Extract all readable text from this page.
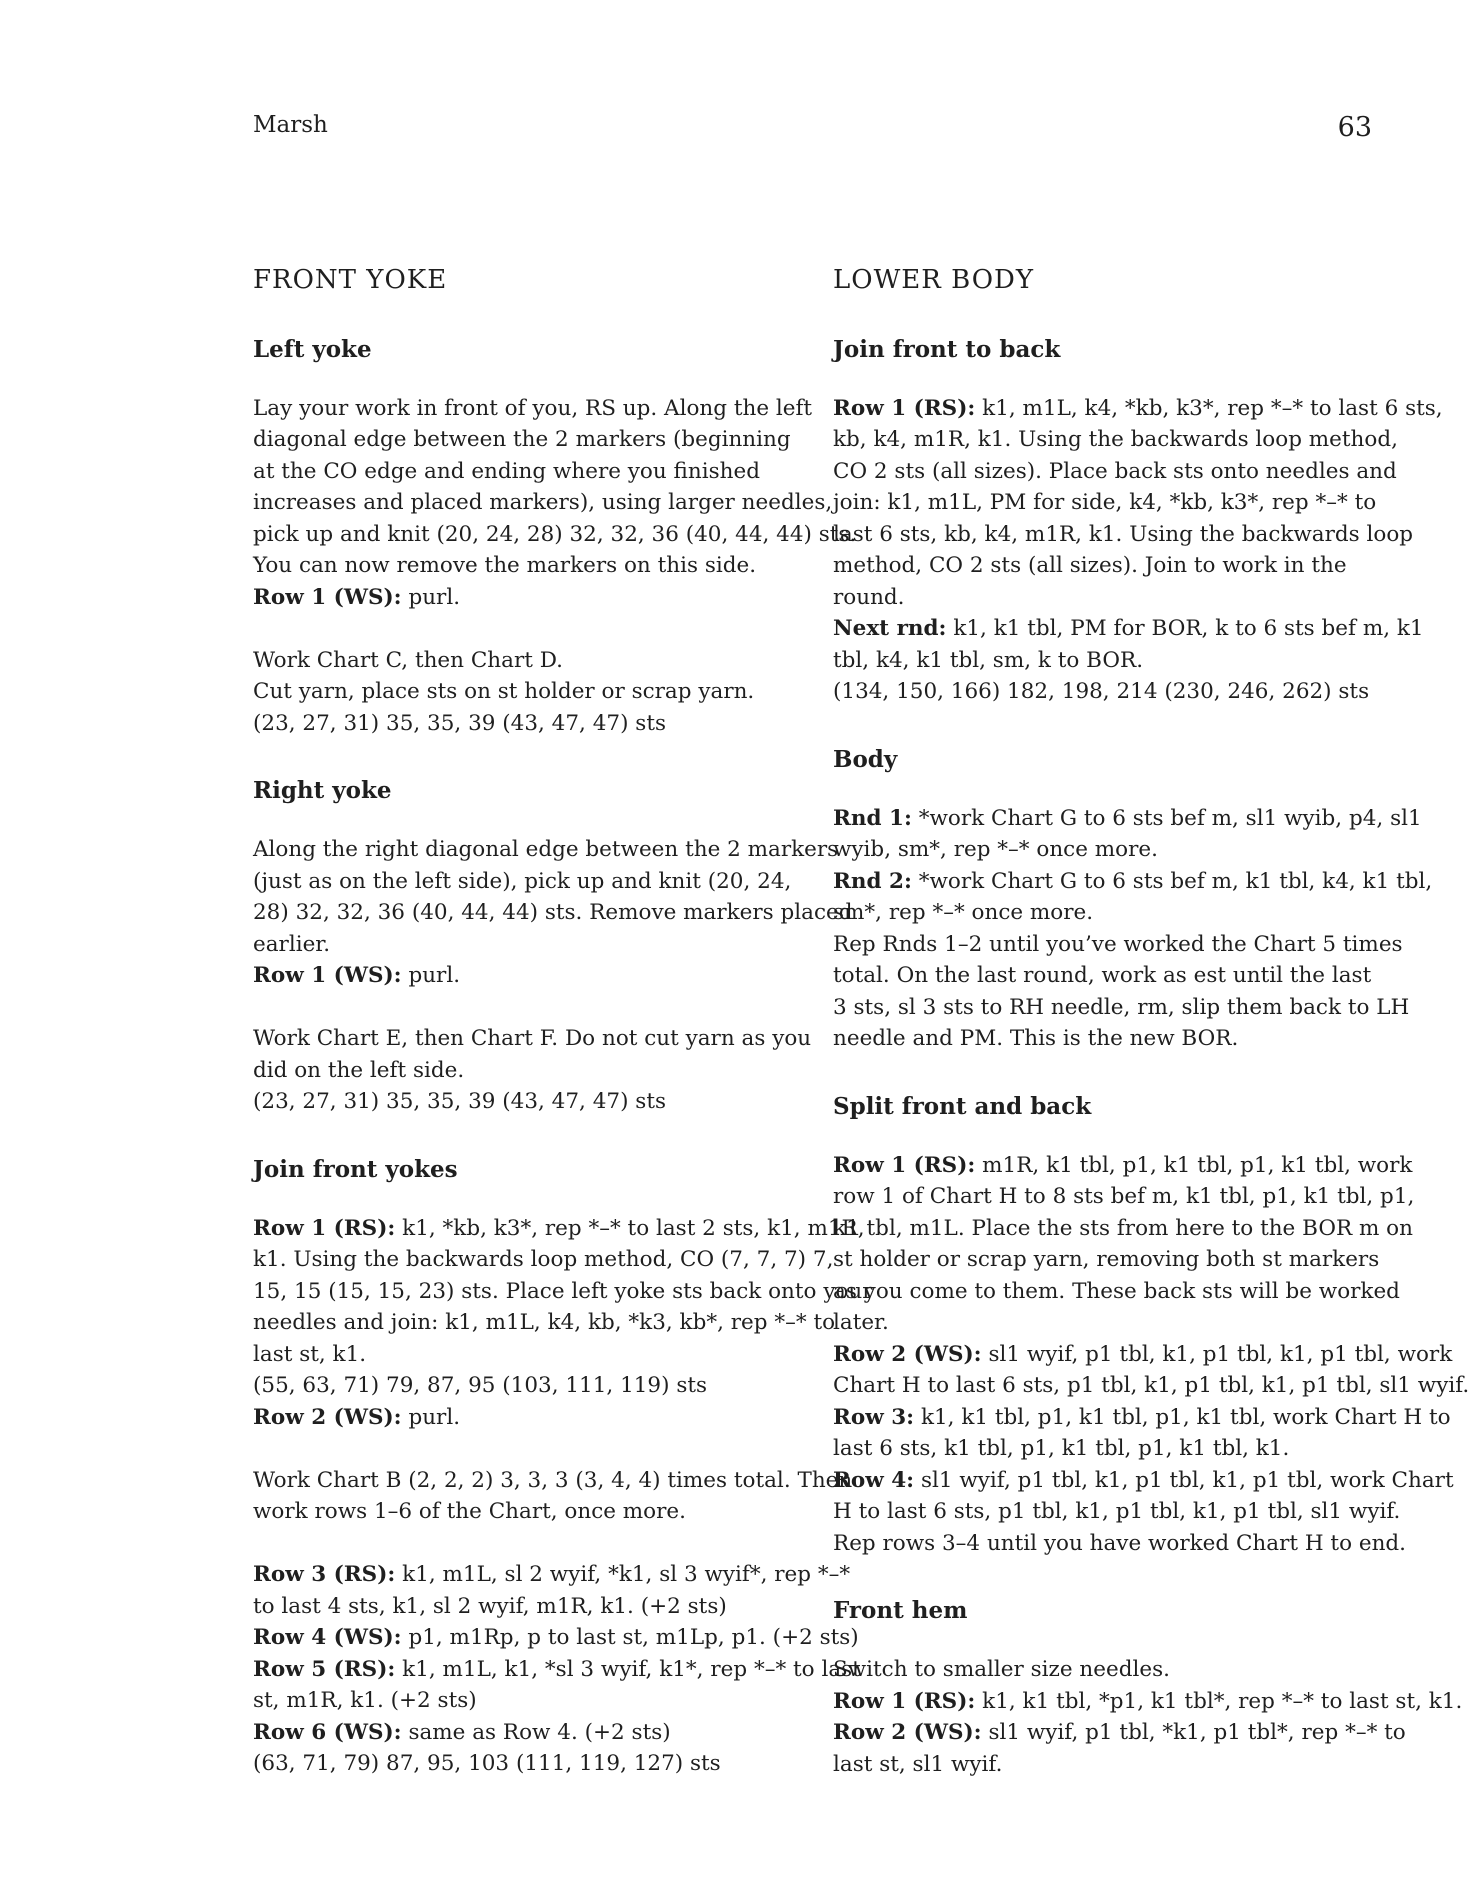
Marsh	63
FRONT YOKE
Left yoke

Lay your work in front of you, RS up. Along the left
diagonal edge between the 2 markers (beginning
at the CO edge and ending where you finished
increases and placed markers), using larger needles,
pick up and knit (20, 24, 28) 32, 32, 36 (40, 44, 44) sts.
You can now remove the markers on this side.
Row 1 (WS): purl.

Work Chart C, then Chart D.
Cut yarn, place sts on st holder or scrap yarn.
(23, 27, 31) 35, 35, 39 (43, 47, 47) sts

Right yoke

Along the right diagonal edge between the 2 markers
(just as on the left side), pick up and knit (20, 24,
28) 32, 32, 36 (40, 44, 44) sts. Remove markers placed
earlier.
Row 1 (WS): purl.

Work Chart E, then Chart F. Do not cut yarn as you
did on the left side.
(23, 27, 31) 35, 35, 39 (43, 47, 47) sts

Join front yokes

Row 1 (RS): k1, *kb, k3*, rep *–* to last 2 sts, k1, m1R,
k1. Using the backwards loop method, CO (7, 7, 7) 7,
15, 15 (15, 15, 23) sts. Place left yoke sts back onto your
needles and join: k1, m1L, k4, kb, *k3, kb*, rep *–* to
last st, k1.
(55, 63, 71) 79, 87, 95 (103, 111, 119) sts
Row 2 (WS): purl.

Work Chart B (2, 2, 2) 3, 3, 3 (3, 4, 4) times total. Then
work rows 1–6 of the Chart, once more.

Row 3 (RS): k1, m1L, sl 2 wyif, *k1, sl 3 wyif*, rep *–*
to last 4 sts, k1, sl 2 wyif, m1R, k1. (+2 sts)
Row 4 (WS): p1, m1Rp, p to last st, m1Lp, p1. (+2 sts)
Row 5 (RS): k1, m1L, k1, *sl 3 wyif, k1*, rep *–* to last
st, m1R, k1. (+2 sts)
Row 6 (WS): same as Row 4. (+2 sts)
(63, 71, 79) 87, 95, 103 (111, 119, 127) sts

LOWER BODY
Join front to back

Row 1 (RS): k1, m1L, k4, *kb, k3*, rep *–* to last 6 sts,
kb, k4, m1R, k1. Using the backwards loop method,
CO 2 sts (all sizes). Place back sts onto needles and
join: k1, m1L, PM for side, k4, *kb, k3*, rep *–* to
last 6 sts, kb, k4, m1R, k1. Using the backwards loop
method, CO 2 sts (all sizes). Join to work in the
round.
Next rnd: k1, k1 tbl, PM for BOR, k to 6 sts bef m, k1
tbl, k4, k1 tbl, sm, k to BOR.
(134, 150, 166) 182, 198, 214 (230, 246, 262) sts

Body

Rnd 1: *work Chart G to 6 sts bef m, sl1 wyib, p4, sl1
wyib, sm*, rep *–* once more.
Rnd 2: *work Chart G to 6 sts bef m, k1 tbl, k4, k1 tbl,
sm*, rep *–* once more.
Rep Rnds 1–2 until you’ve worked the Chart 5 times
total. On the last round, work as est until the last
3 sts, sl 3 sts to RH needle, rm, slip them back to LH
needle and PM. This is the new BOR.

Split front and back

Row 1 (RS): m1R, k1 tbl, p1, k1 tbl, p1, k1 tbl, work
row 1 of Chart H to 8 sts bef m, k1 tbl, p1, k1 tbl, p1,
k1 tbl, m1L. Place the sts from here to the BOR m on
st holder or scrap yarn, removing both st markers
as you come to them. These back sts will be worked
later.
Row 2 (WS): sl1 wyif, p1 tbl, k1, p1 tbl, k1, p1 tbl, work
Chart H to last 6 sts, p1 tbl, k1, p1 tbl, k1, p1 tbl, sl1 wyif.
Row 3: k1, k1 tbl, p1, k1 tbl, p1, k1 tbl, work Chart H to
last 6 sts, k1 tbl, p1, k1 tbl, p1, k1 tbl, k1.
Row 4: sl1 wyif, p1 tbl, k1, p1 tbl, k1, p1 tbl, work Chart
H to last 6 sts, p1 tbl, k1, p1 tbl, k1, p1 tbl, sl1 wyif.
Rep rows 3–4 until you have worked Chart H to end.

Front hem

Switch to smaller size needles.
Row 1 (RS): k1, k1 tbl, *p1, k1 tbl*, rep *–* to last st, k1.
Row 2 (WS): sl1 wyif, p1 tbl, *k1, p1 tbl*, rep *–* to
last st, sl1 wyif.
